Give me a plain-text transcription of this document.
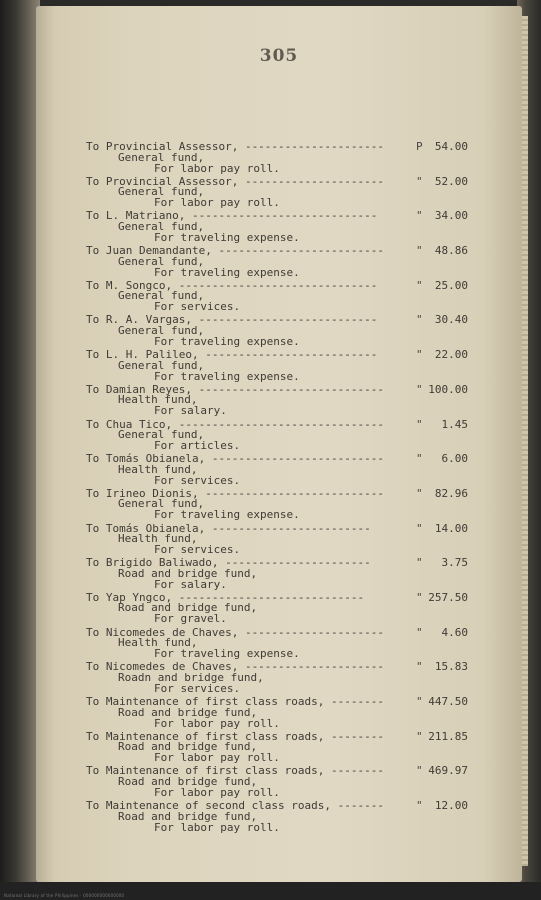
305
To Provincial Assessor, ---------------------	P 54.00
General fund,
For labor pay roll.
To Provincial Assessor, ---------------------	" 52.00
General fund,
For labor pay roll.
To L. Matriano, ----------------------------	" 34.00
General fund,
For traveling expense.
To Juan Demandante, -------------------------	" 48.86
General fund,
For traveling expense.
To M. Songco, ------------------------------	" 25.00
General fund,
For services.
To R. A. Vargas, ---------------------------	" 30.40
General fund,
For traveling expense.
To L. H. Palileo, --------------------------	" 22.00
General fund,
For traveling expense.
To Damian Reyes, ----------------------------	" 100.00
Health fund,
For salary.
To Chua Tico, -------------------------------	" 1.45
General fund,
For articles.
To Tomás Obianela, --------------------------	" 6.00
Health fund,
For services.
To Irineo Dionis, ---------------------------	" 82.96
General fund,
For traveling expense.
To Tomás Obianela, ------------------------	" 14.00
Health fund,
For services.
To Brigido Baliwado, ----------------------	" 3.75
Road and bridge fund,
For salary.
To Yap Yngco, ----------------------------	" 257.50
Road and bridge fund,
For gravel.
To Nicomedes de Chaves, ---------------------	" 4.60
Health fund,
For traveling expense.
To Nicomedes de Chaves, ---------------------	" 15.83
Roadn and bridge fund,
For services.
To Maintenance of first class roads, --------	" 447.50
Road and bridge fund,
For labor pay roll.
To Maintenance of first class roads, --------	" 211.85
Road and bridge fund,
For labor pay roll.
To Maintenance of first class roads, --------	" 469.97
Road and bridge fund,
For labor pay roll.
To Maintenance of second class roads, -------	" 12.00
Road and bridge fund,
For labor pay roll.
National Library of the Philippines · 000000000000000
